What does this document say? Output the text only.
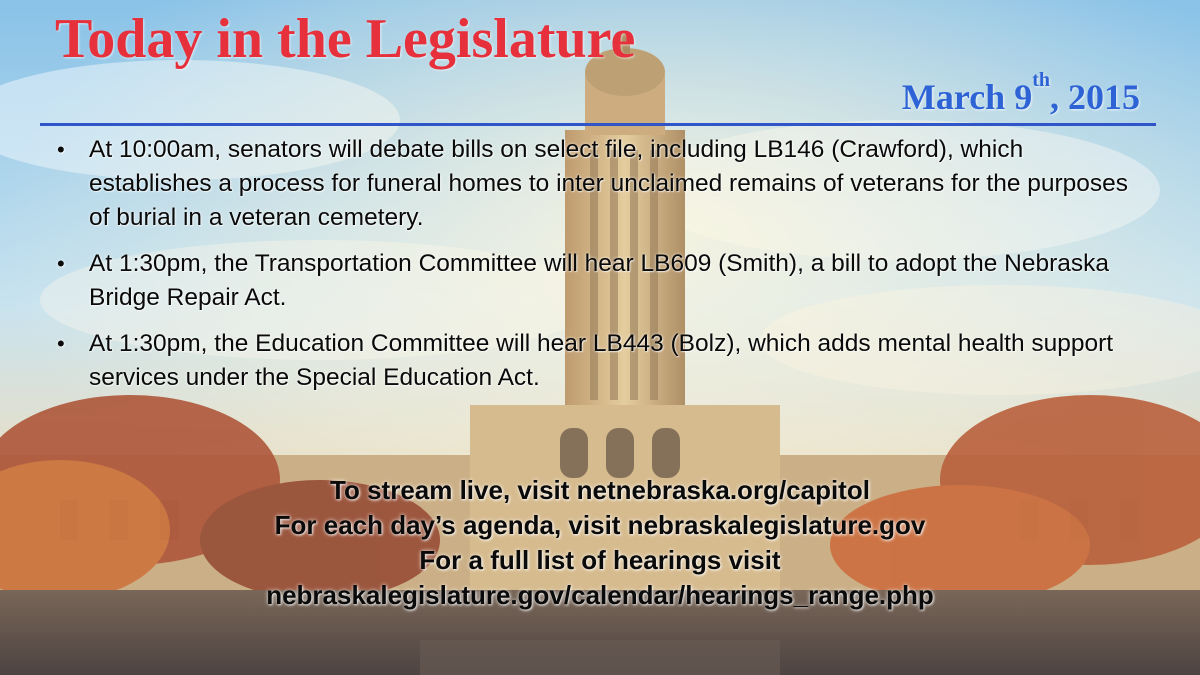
Today in the Legislature
March 9th, 2015
• At 10:00am, senators will debate bills on select file, including LB146 (Crawford), which establishes a process for funeral homes to inter unclaimed remains of veterans for the purposes of burial in a veteran cemetery.
• At 1:30pm, the Transportation Committee will hear LB609 (Smith), a bill to adopt the Nebraska Bridge Repair Act.
• At 1:30pm, the Education Committee will hear LB443 (Bolz), which adds mental health support services under the Special Education Act.
To stream live, visit netnebraska.org/capitol
For each day’s agenda, visit nebraskalegislature.gov
For a full list of hearings visit
nebraskalegislature.gov/calendar/hearings_range.php
